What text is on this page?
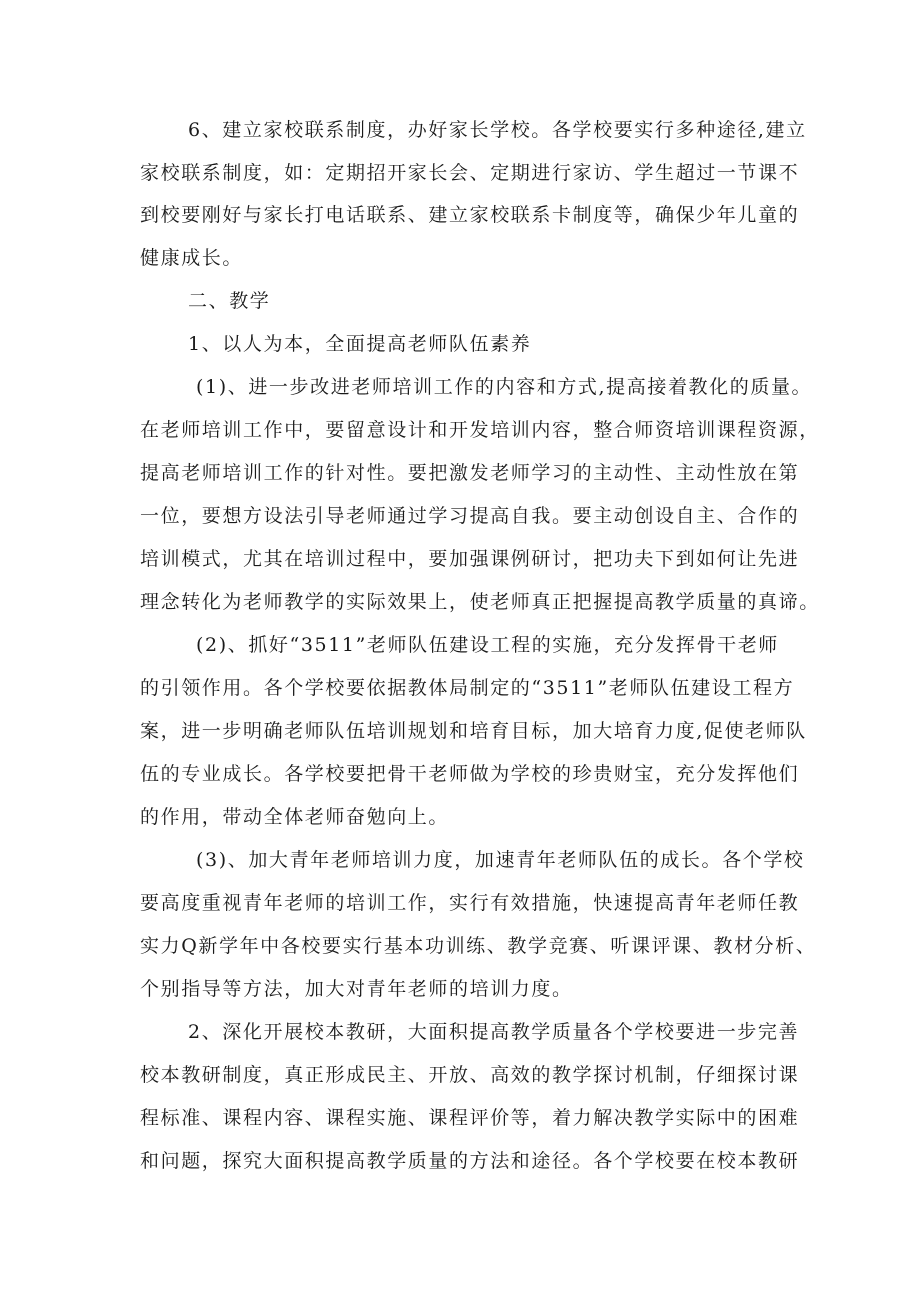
6、建立家校联系制度，办好家长学校。各学校要实行多种途径,建立
家校联系制度，如：定期招开家长会、定期进行家访、学生超过一节课不
到校要刚好与家长打电话联系、建立家校联系卡制度等，确保少年儿童的
健康成长。
二、教学
1、以人为本，全面提高老师队伍素养
(1)、进一步改进老师培训工作的内容和方式,提高接着教化的质量。
在老师培训工作中，要留意设计和开发培训内容，整合师资培训课程资源，
提高老师培训工作的针对性。要把激发老师学习的主动性、主动性放在第
一位，要想方设法引导老师通过学习提高自我。要主动创设自主、合作的
培训模式，尤其在培训过程中，要加强课例研讨，把功夫下到如何让先进
理念转化为老师教学的实际效果上，使老师真正把握提高教学质量的真谛。
(2)、抓好“3511”老师队伍建设工程的实施，充分发挥骨干老师
的引领作用。各个学校要依据教体局制定的“3511”老师队伍建设工程方
案，进一步明确老师队伍培训规划和培育目标，加大培育力度,促使老师队
伍的专业成长。各学校要把骨干老师做为学校的珍贵财宝，充分发挥他们
的作用，带动全体老师奋勉向上。
(3)、加大青年老师培训力度，加速青年老师队伍的成长。各个学校
要高度重视青年老师的培训工作，实行有效措施，快速提高青年老师任教
实力Q新学年中各校要实行基本功训练、教学竞赛、听课评课、教材分析、
个别指导等方法，加大对青年老师的培训力度。
2、深化开展校本教研，大面积提高教学质量各个学校要进一步完善
校本教研制度，真正形成民主、开放、高效的教学探讨机制，仔细探讨课
程标准、课程内容、课程实施、课程评价等，着力解决教学实际中的困难
和问题，探究大面积提高教学质量的方法和途径。各个学校要在校本教研
